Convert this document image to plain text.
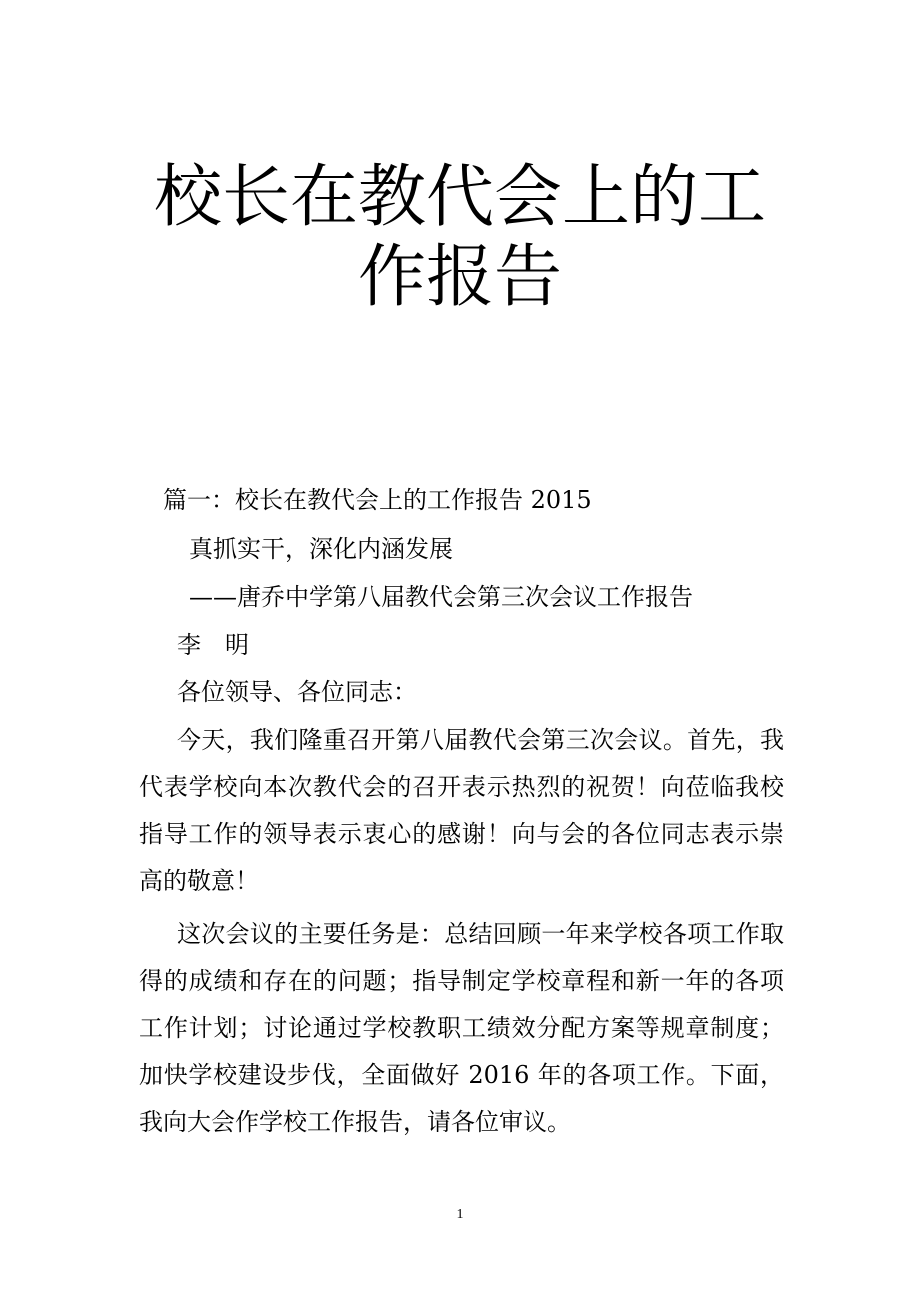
校长在教代会上的工作报告

篇一：校长在教代会上的工作报告 2015

真抓实干，深化内涵发展

——唐乔中学第八届教代会第三次会议工作报告

李　明

各位领导、各位同志：

今天，我们隆重召开第八届教代会第三次会议。首先，我代表学校向本次教代会的召开表示热烈的祝贺！向莅临我校指导工作的领导表示衷心的感谢！向与会的各位同志表示崇高的敬意！

这次会议的主要任务是：总结回顾一年来学校各项工作取得的成绩和存在的问题；指导制定学校章程和新一年的各项工作计划；讨论通过学校教职工绩效分配方案等规章制度；加快学校建设步伐，全面做好 2016 年的各项工作。下面，我向大会作学校工作报告，请各位审议。

1
